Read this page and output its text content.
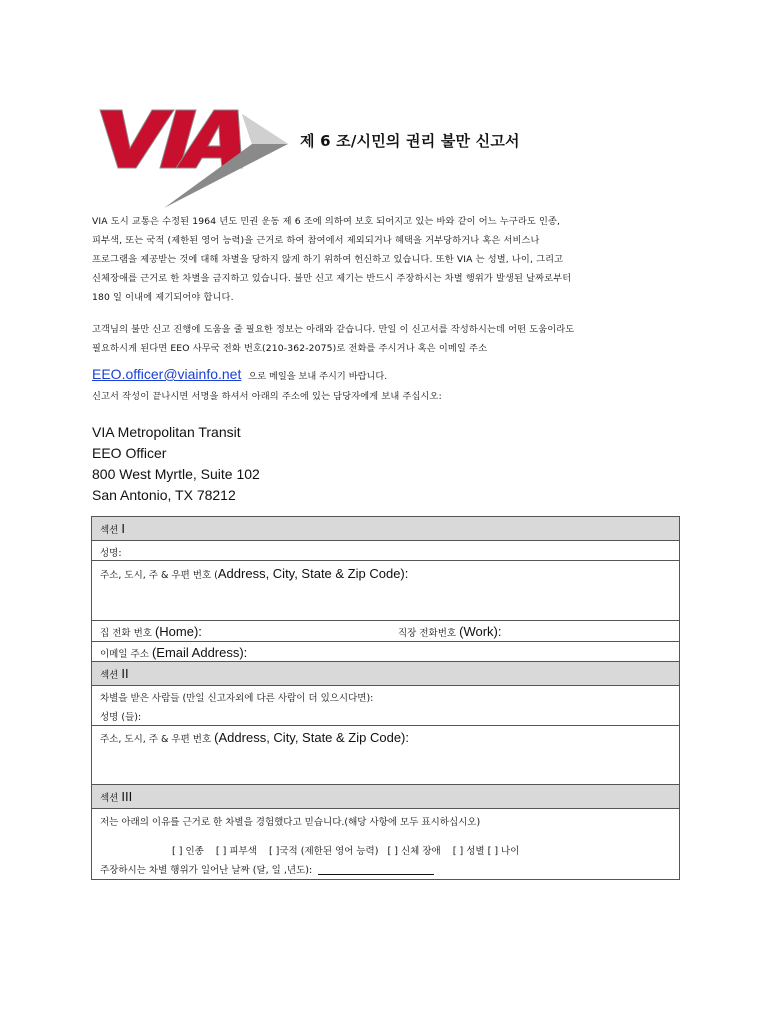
제 6 조/시민의 권리 불만 신고서
VIA 도시 교통은 수정된 1964 년도 민권 운동 제 6 조에 의하여 보호 되어지고 있는 바와 같이 어느 누구라도 인종,
피부색, 또는 국적 (제한된 영어 능력)을 근거로 하여 참여에서 제외되거나 혜택을 거부당하거나 혹은 서비스나
프로그램을 제공받는 것에 대해 차별을 당하지 않게 하기 위하여 헌신하고 있습니다. 또한 VIA 는 성별, 나이, 그리고
신체장애를 근거로 한 차별을 금지하고 있습니다. 불만 신고 제기는 반드시 주장하시는 차별 행위가 발생된 날짜로부터
180 일 이내에 제기되어야 합니다.
고객님의 불만 신고 진행에 도움을 줄 필요한 정보는 아래와 같습니다. 만일 이 신고서를 작성하시는데 어떤 도움이라도
필요하시게 된다면 EEO 사무국 전화 번호(210-362-2075)로 전화를 주시거나 혹은 이메일 주소
EEO.officer@viainfo.net 으로 메일을 보내 주시기 바랍니다.
신고서 작성이 끝나시면 서명을 하셔서 아래의 주소에 있는 담당자에게 보내 주십시오:
VIA Metropolitan Transit
EEO Officer
800 West Myrtle, Suite 102
San Antonio, TX 78212
섹션 I
성명:
주소, 도시, 주 & 우편 번호 (Address, City, State & Zip Code):
집 전화 번호 (Home):	직장 전화번호 (Work):
이메일 주소 (Email Address):
섹션 II
차별을 받은 사람들 (만일 신고자외에 다른 사람이 더 있으시다면):
성명 (들):
주소, 도시, 주 & 우편 번호 (Address, City, State & Zip Code):
섹션 III
저는 아래의 이유를 근거로 한 차별을 경험했다고 믿습니다.(해당 사항에 모두 표시하십시오)
[ ] 인종    [ ] 피부색    [ ]국적 (제한된 영어 능력)   [ ] 신체 장애    [ ] 성별 [ ] 나이
주장하시는 차별 행위가 일어난 날짜 (달, 일 ,년도):
